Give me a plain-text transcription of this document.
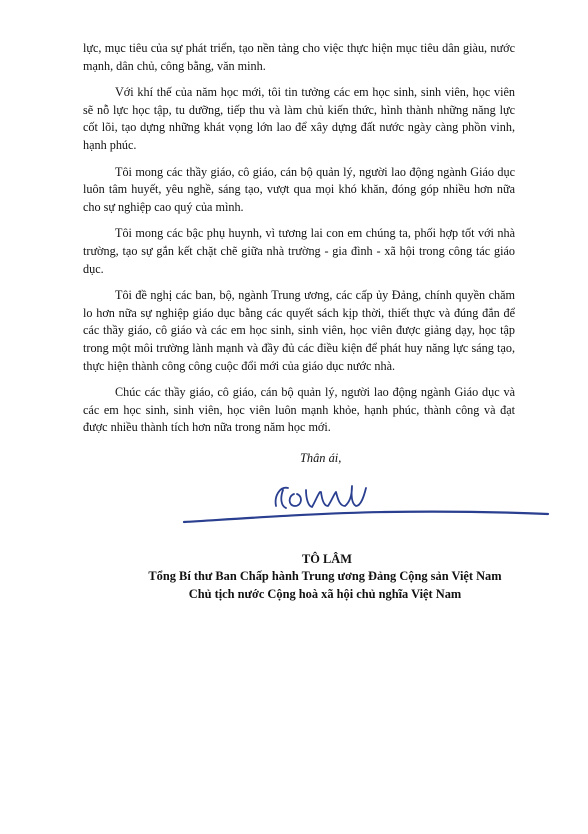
lực, mục tiêu của sự phát triển, tạo nền tảng cho việc thực hiện mục tiêu dân giàu, nước mạnh, dân chủ, công bằng, văn minh.

Với khí thế của năm học mới, tôi tin tưởng các em học sinh, sinh viên, học viên sẽ nỗ lực học tập, tu dưỡng, tiếp thu và làm chủ kiến thức, hình thành những năng lực cốt lõi, tạo dựng những khát vọng lớn lao để xây dựng đất nước ngày càng phồn vinh, hạnh phúc.

Tôi mong các thầy giáo, cô giáo, cán bộ quản lý, người lao động ngành Giáo dục luôn tâm huyết, yêu nghề, sáng tạo, vượt qua mọi khó khăn, đóng góp nhiều hơn nữa cho sự nghiệp cao quý của mình.

Tôi mong các bậc phụ huynh, vì tương lai con em chúng ta, phối hợp tốt với nhà trường, tạo sự gắn kết chặt chẽ giữa nhà trường - gia đình - xã hội trong công tác giáo dục.

Tôi đề nghị các ban, bộ, ngành Trung ương, các cấp ủy Đảng, chính quyền chăm lo hơn nữa sự nghiệp giáo dục bằng các quyết sách kịp thời, thiết thực và đúng đắn để các thầy giáo, cô giáo và các em học sinh, sinh viên, học viên được giảng dạy, học tập trong một môi trường lành mạnh và đầy đủ các điều kiện để phát huy năng lực sáng tạo, thực hiện thành công công cuộc đổi mới của giáo dục nước nhà.

Chúc các thầy giáo, cô giáo, cán bộ quản lý, người lao động ngành Giáo dục và các em học sinh, sinh viên, học viên luôn mạnh khỏe, hạnh phúc, thành công và đạt được nhiều thành tích hơn nữa trong năm học mới.

Thân ái,
TÔ LÂM
Tổng Bí thư Ban Chấp hành Trung ương Đảng Cộng sản Việt Nam
Chủ tịch nước Cộng hoà xã hội chủ nghĩa Việt Nam
